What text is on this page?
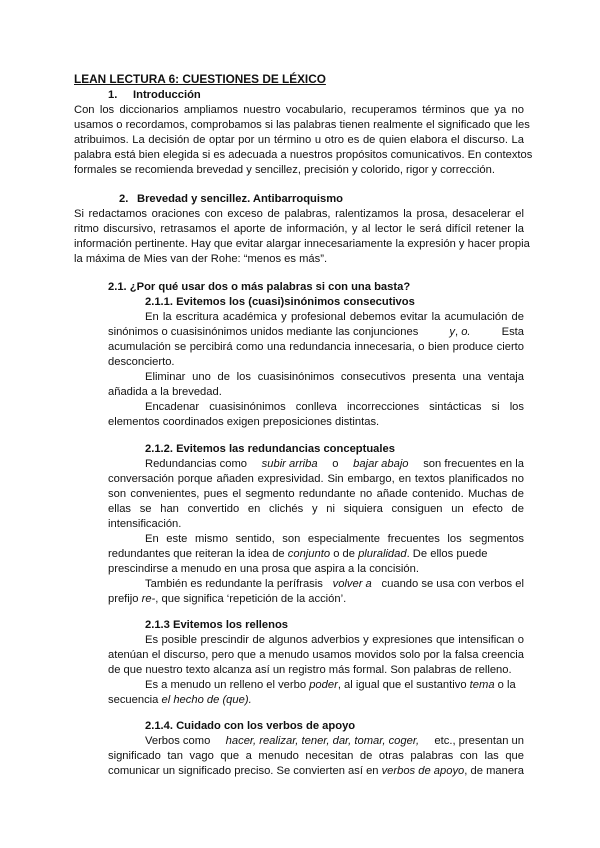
LEAN LECTURA 6: CUESTIONES DE LÉXICO
1. Introducción
Con los diccionarios ampliamos nuestro vocabulario, recuperamos términos que ya no
usamos o recordamos, comprobamos si las palabras tienen realmente el significado que les
atribuimos. La decisión de optar por un término u otro es de quien elabora el discurso. La
palabra está bien elegida si es adecuada a nuestros propósitos comunicativos. En contextos
formales se recomienda brevedad y sencillez, precisión y colorido, rigor y corrección.
2. Brevedad y sencillez. Antibarroquismo
Si redactamos oraciones con exceso de palabras, ralentizamos la prosa, desacelerar el
ritmo discursivo, retrasamos el aporte de información, y al lector le será difícil retener la
información pertinente. Hay que evitar alargar innecesariamente la expresión y hacer propia
la máxima de Mies van der Rohe: “menos es más”.
2.1. ¿Por qué usar dos o más palabras si con una basta?
2.1.1. Evitemos los (cuasi)sinónimos consecutivos
En la escritura académica y profesional debemos evitar la acumulación de
sinónimos o cuasisinónimos unidos mediante las conjunciones	y, o.	Esta
acumulación se percibirá como una redundancia innecesaria, o bien produce cierto
desconcierto.
Eliminar uno de los cuasisinónimos consecutivos presenta una ventaja
añadida a la brevedad.
Encadenar cuasisinónimos conlleva incorrecciones sintácticas si los
elementos coordinados exigen preposiciones distintas.
2.1.2. Evitemos las redundancias conceptuales
Redundancias como subir arriba o bajar abajo son frecuentes en la
conversación porque añaden expresividad. Sin embargo, en textos planificados no
son convenientes, pues el segmento redundante no añade contenido. Muchas de
ellas se han convertido en clichés y ni siquiera consiguen un efecto de
intensificación.
En este mismo sentido, son especialmente frecuentes los segmentos
redundantes que reiteran la idea de conjunto o de pluralidad. De ellos puede
prescindirse a menudo en una prosa que aspira a la concisión.
También es redundante la perífrasis volver a cuando se usa con verbos el
prefijo re-, que significa ‘repetición de la acción’.
2.1.3 Evitemos los rellenos
Es posible prescindir de algunos adverbios y expresiones que intensifican o
atenúan el discurso, pero que a menudo usamos movidos solo por la falsa creencia
de que nuestro texto alcanza así un registro más formal. Son palabras de relleno.
Es a menudo un relleno el verbo poder, al igual que el sustantivo tema o la
secuencia el hecho de (que).
2.1.4. Cuidado con los verbos de apoyo
Verbos como hacer, realizar, tener, dar, tomar, coger, etc., presentan un
significado tan vago que a menudo necesitan de otras palabras con las que
comunicar un significado preciso. Se convierten así en verbos de apoyo, de manera
